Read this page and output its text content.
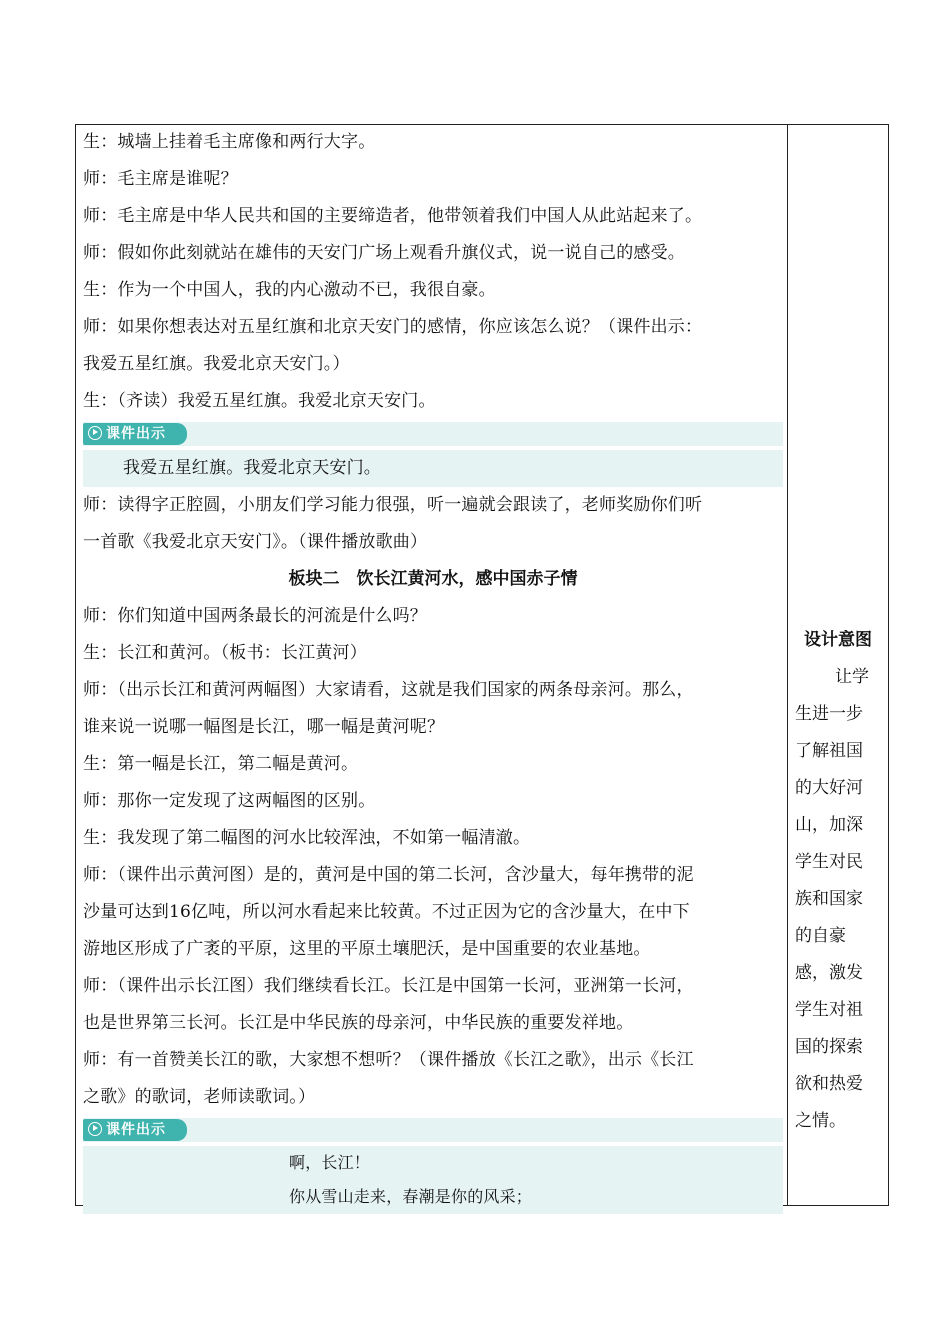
生：城墙上挂着毛主席像和两行大字。
师：毛主席是谁呢？
师：毛主席是中华人民共和国的主要缔造者，他带领着我们中国人从此站起来了。
师：假如你此刻就站在雄伟的天安门广场上观看升旗仪式，说一说自己的感受。
生：作为一个中国人，我的内心激动不已，我很自豪。
师：如果你想表达对五星红旗和北京天安门的感情，你应该怎么说？（课件出示：
我爱五星红旗。我爱北京天安门。）
生：（齐读）我爱五星红旗。我爱北京天安门。
课件出示
我爱五星红旗。我爱北京天安门。
师：读得字正腔圆，小朋友们学习能力很强，听一遍就会跟读了，老师奖励你们听
一首歌《我爱北京天安门》。（课件播放歌曲）
板块二　饮长江黄河水，感中国赤子情
师：你们知道中国两条最长的河流是什么吗？
生：长江和黄河。（板书：长江黄河）
师：（出示长江和黄河两幅图）大家请看，这就是我们国家的两条母亲河。那么，
谁来说一说哪一幅图是长江，哪一幅是黄河呢？
生：第一幅是长江，第二幅是黄河。
师：那你一定发现了这两幅图的区别。
生：我发现了第二幅图的河水比较浑浊，不如第一幅清澈。
师：（课件出示黄河图）是的，黄河是中国的第二长河，含沙量大，每年携带的泥
沙量可达到16亿吨，所以河水看起来比较黄。不过正因为它的含沙量大，在中下
游地区形成了广袤的平原，这里的平原土壤肥沃，是中国重要的农业基地。
师：（课件出示长江图）我们继续看长江。长江是中国第一长河，亚洲第一长河，
也是世界第三长河。长江是中华民族的母亲河，中华民族的重要发祥地。
师：有一首赞美长江的歌，大家想不想听？（课件播放《长江之歌》，出示《长江
之歌》的歌词，老师读歌词。）
课件出示
啊，长江！
你从雪山走来，春潮是你的风采；
设计意图
让学
生进一步
了解祖国
的大好河
山，加深
学生对民
族和国家
的自豪
感，激发
学生对祖
国的探索
欲和热爱
之情。
